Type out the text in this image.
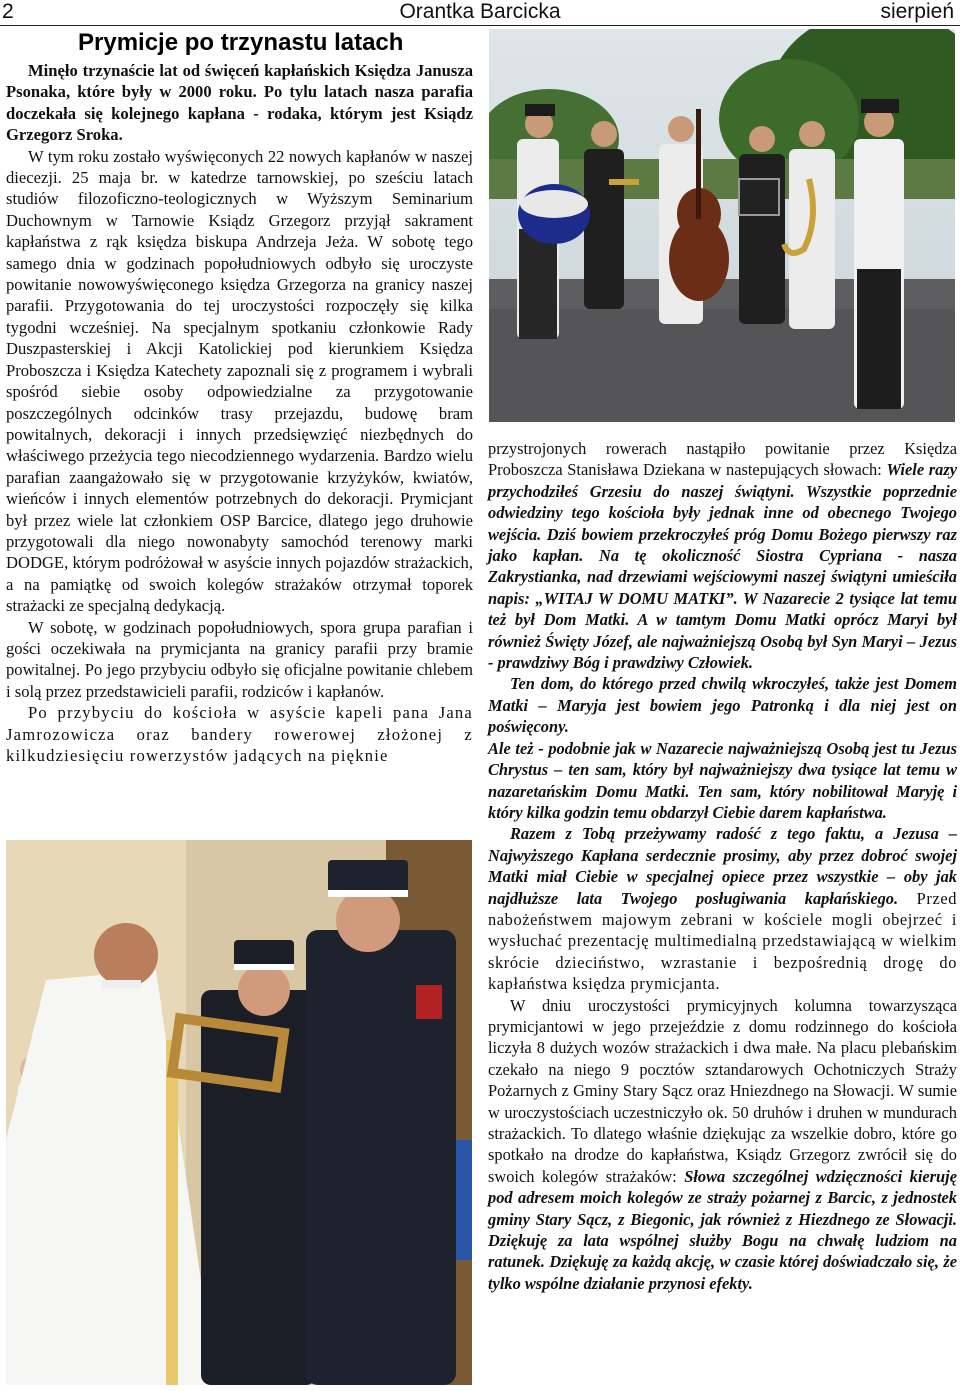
2	Orantka Barcicka	sierpień
Prymicje po trzynastu latach

Minęło trzynaście lat od święceń kapłańskich Księdza Janusza Psonaka, które były w 2000 roku. Po tylu latach nasza parafia doczekała się kolejnego kapłana - rodaka, którym jest Ksiądz Grzegorz Sroka.

W tym roku zostało wyświęconych 22 nowych kapłanów w naszej diecezji. 25 maja br. w katedrze tarnowskiej, po sześciu latach studiów filozoficzno-teologicznych w Wyższym Seminarium Duchownym w Tarnowie Ksiądz Grzegorz przyjął sakrament kapłaństwa z rąk księdza biskupa Andrzeja Jeża. W sobotę tego samego dnia w godzinach popołudniowych odbyło się uroczyste powitanie nowowyświęconego księdza Grzegorza na granicy naszej parafii. Przygotowania do tej uroczystości rozpoczęły się kilka tygodni wcześniej. Na specjalnym spotkaniu członkowie Rady Duszpasterskiej i Akcji Katolickiej pod kierunkiem Księdza Proboszcza i Księdza Katechety zapoznali się z programem i wybrali spośród siebie osoby odpowiedzialne za przygotowanie poszczególnych odcinków trasy przejazdu, budowę bram powitalnych, dekoracji i innych przedsięwzięć niezbędnych do właściwego przeżycia tego niecodziennego wydarzenia. Bardzo wielu parafian zaangażowało się w przygotowanie krzyżyków, kwiatów, wieńców i innych elementów potrzebnych do dekoracji. Prymicjant był przez wiele lat członkiem OSP Barcice, dlatego jego druhowie przygotowali dla niego nowonabyty samochód terenowy marki DODGE, którym podróżował w asyście innych pojazdów strażackich, a na pamiątkę od swoich kolegów strażaków otrzymał toporek strażacki ze specjalną dedykacją.

W sobotę, w godzinach popołudniowych, spora grupa parafian i gości oczekiwała na prymicjanta na granicy parafii przy bramie powitalnej. Po jego przybyciu odbyło się oficjalne powitanie chlebem i solą przez przedstawicieli parafii, rodziców i kapłanów.

Po przybyciu do kościoła w asyście kapeli pana Jana Jamrozowicza oraz bandery rowerowej złożonej z kilkudziesięciu rowerzystów jadących na pięknie

przystrojonych rowerach nastąpiło powitanie przez Księdza Proboszcza Stanisława Dziekana w nastepujących słowach: Wiele razy przychodziłeś Grzesiu do naszej świątyni. Wszystkie poprzednie odwiedziny tego kościoła były jednak inne od obecnego Twojego wejścia. Dziś bowiem przekroczyłeś próg Domu Bożego pierwszy raz jako kapłan. Na tę okoliczność Siostra Cypriana - nasza Zakrystianka, nad drzewiami wejściowymi naszej świątyni umieściła napis: „WITAJ W DOMU MATKI”. W Nazarecie 2 tysiące lat temu też był Dom Matki. A w tamtym Domu Matki oprócz Maryi był również Święty Józef, ale najważniejszą Osobą był Syn Maryi – Jezus - prawdziwy Bóg i prawdziwy Człowiek.

Ten dom, do którego przed chwilą wkroczyłeś, także jest Domem Matki – Maryja jest bowiem jego Patronką i dla niej jest on poświęcony.

Ale też - podobnie jak w Nazarecie najważniejszą Osobą jest tu Jezus Chrystus – ten sam, który był najważniejszy dwa tysiące lat temu w nazaretańskim Domu Matki. Ten sam, który nobilitował Maryję i który kilka godzin temu obdarzył Ciebie darem kapłaństwa.

Razem z Tobą przeżywamy radość z tego faktu, a Jezusa – Najwyższego Kapłana serdecznie prosimy, aby przez dobroć swojej Matki miał Ciebie w specjalnej opiece przez wszystkie – oby jak najdłuższe lata Twojego posługiwania kapłańskiego. Przed nabożeństwem majowym zebrani w kościele mogli obejrzeć i wysłuchać prezentację multimedialną przedstawiającą w wielkim skrócie dzieciństwo, wzrastanie i bezpośrednią drogę do kapłaństwa księdza prymicjanta.

W dniu uroczystości prymicyjnych kolumna towarzysząca prymicjantowi w jego przejeździe z domu rodzinnego do kościoła liczyła 8 dużych wozów strażackich i dwa małe. Na placu plebańskim czekało na niego 9 pocztów sztandarowych Ochotniczych Straży Pożarnych z Gminy Stary Sącz oraz Hniezdnego na Słowacji. W sumie w uroczystościach uczestniczyło ok. 50 druhów i druhen w mundurach strażackich. To dlatego właśnie dziękując za wszelkie dobro, które go spotkało na drodze do kapłaństwa, Ksiądz Grzegorz zwrócił się do swoich kolegów strażaków: Słowa szczególnej wdzięczności kieruję pod adresem moich kolegów ze straży pożarnej z Barcic, z jednostek gminy Stary Sącz, z Biegonic, jak również z Hiezdnego ze Słowacji. Dziękuję za lata wspólnej służby Bogu na chwałę ludziom na ratunek. Dziękuję za każdą akcję, w czasie której doświadczało się, że tylko wspólne działanie przynosi efekty.
